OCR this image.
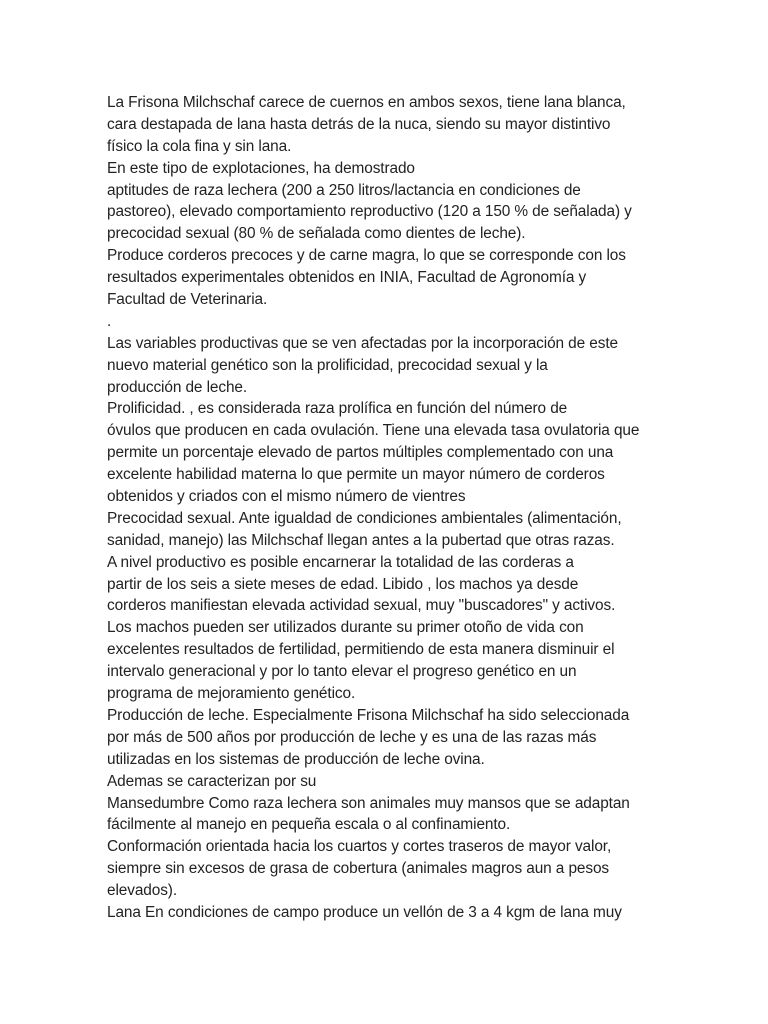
La Frisona Milchschaf carece de cuernos en ambos sexos, tiene lana blanca,
cara destapada de lana hasta detrás de la nuca, siendo su mayor distintivo
físico la cola fina y sin lana.
En este tipo de explotaciones, ha demostrado
aptitudes de raza lechera (200 a 250 litros/lactancia en condiciones de
pastoreo), elevado comportamiento reproductivo (120 a 150 % de señalada) y
precocidad sexual (80 % de señalada como dientes de leche).
Produce corderos precoces y de carne magra, lo que se corresponde con los
resultados experimentales obtenidos en INIA, Facultad de Agronomía y
Facultad de Veterinaria.
.
Las variables productivas que se ven afectadas por la incorporación de este
nuevo material genético son la prolificidad, precocidad sexual y la
producción de leche.
Prolificidad. , es considerada raza prolífica en función del número de
óvulos que producen en cada ovulación. Tiene una elevada tasa ovulatoria que
permite un porcentaje elevado de partos múltiples complementado con una
excelente habilidad materna lo que permite un mayor número de corderos
obtenidos y criados con el mismo número de vientres
Precocidad sexual. Ante igualdad de condiciones ambientales (alimentación,
sanidad, manejo) las Milchschaf llegan antes a la pubertad que otras razas.
A nivel productivo es posible encarnerar la totalidad de las corderas a
partir de los seis a siete meses de edad. Libido , los machos ya desde
corderos manifiestan elevada actividad sexual, muy "buscadores" y activos.
Los machos pueden ser utilizados durante su primer otoño de vida con
excelentes resultados de fertilidad, permitiendo de esta manera disminuir el
intervalo generacional y por lo tanto elevar el progreso genético en un
programa de mejoramiento genético.
Producción de leche. Especialmente Frisona Milchschaf ha sido seleccionada
por más de 500 años por producción de leche y es una de las razas más
utilizadas en los sistemas de producción de leche ovina.
Ademas se caracterizan por su
Mansedumbre Como raza lechera son animales muy mansos que se adaptan
fácilmente al manejo en pequeña escala o al confinamiento.
Conformación orientada hacia los cuartos y cortes traseros de mayor valor,
siempre sin excesos de grasa de cobertura (animales magros aun a pesos
elevados).
Lana En condiciones de campo produce un vellón de 3 a 4 kgm de lana muy
